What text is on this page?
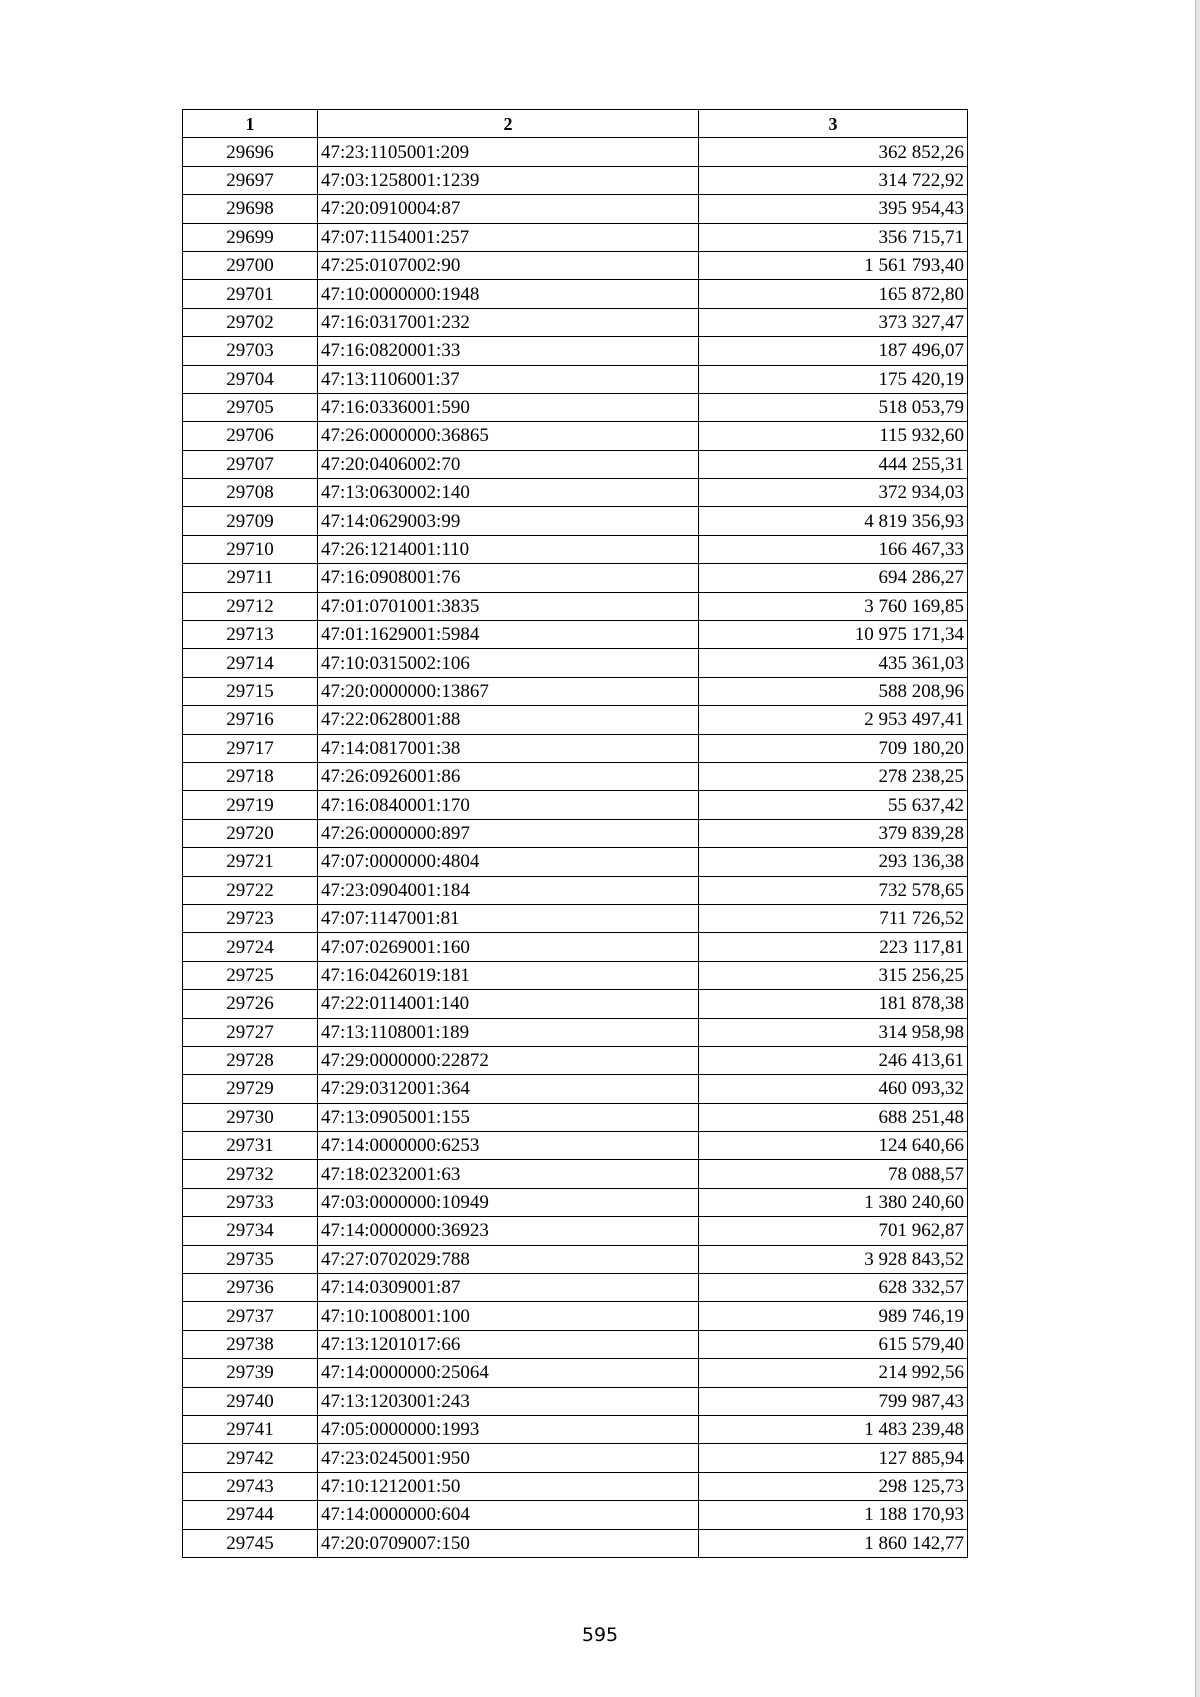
1	2	3
29696	47:23:1105001:209	362 852,26
29697	47:03:1258001:1239	314 722,92
29698	47:20:0910004:87	395 954,43
29699	47:07:1154001:257	356 715,71
29700	47:25:0107002:90	1 561 793,40
29701	47:10:0000000:1948	165 872,80
29702	47:16:0317001:232	373 327,47
29703	47:16:0820001:33	187 496,07
29704	47:13:1106001:37	175 420,19
29705	47:16:0336001:590	518 053,79
29706	47:26:0000000:36865	115 932,60
29707	47:20:0406002:70	444 255,31
29708	47:13:0630002:140	372 934,03
29709	47:14:0629003:99	4 819 356,93
29710	47:26:1214001:110	166 467,33
29711	47:16:0908001:76	694 286,27
29712	47:01:0701001:3835	3 760 169,85
29713	47:01:1629001:5984	10 975 171,34
29714	47:10:0315002:106	435 361,03
29715	47:20:0000000:13867	588 208,96
29716	47:22:0628001:88	2 953 497,41
29717	47:14:0817001:38	709 180,20
29718	47:26:0926001:86	278 238,25
29719	47:16:0840001:170	55 637,42
29720	47:26:0000000:897	379 839,28
29721	47:07:0000000:4804	293 136,38
29722	47:23:0904001:184	732 578,65
29723	47:07:1147001:81	711 726,52
29724	47:07:0269001:160	223 117,81
29725	47:16:0426019:181	315 256,25
29726	47:22:0114001:140	181 878,38
29727	47:13:1108001:189	314 958,98
29728	47:29:0000000:22872	246 413,61
29729	47:29:0312001:364	460 093,32
29730	47:13:0905001:155	688 251,48
29731	47:14:0000000:6253	124 640,66
29732	47:18:0232001:63	78 088,57
29733	47:03:0000000:10949	1 380 240,60
29734	47:14:0000000:36923	701 962,87
29735	47:27:0702029:788	3 928 843,52
29736	47:14:0309001:87	628 332,57
29737	47:10:1008001:100	989 746,19
29738	47:13:1201017:66	615 579,40
29739	47:14:0000000:25064	214 992,56
29740	47:13:1203001:243	799 987,43
29741	47:05:0000000:1993	1 483 239,48
29742	47:23:0245001:950	127 885,94
29743	47:10:1212001:50	298 125,73
29744	47:14:0000000:604	1 188 170,93
29745	47:20:0709007:150	1 860 142,77
595
